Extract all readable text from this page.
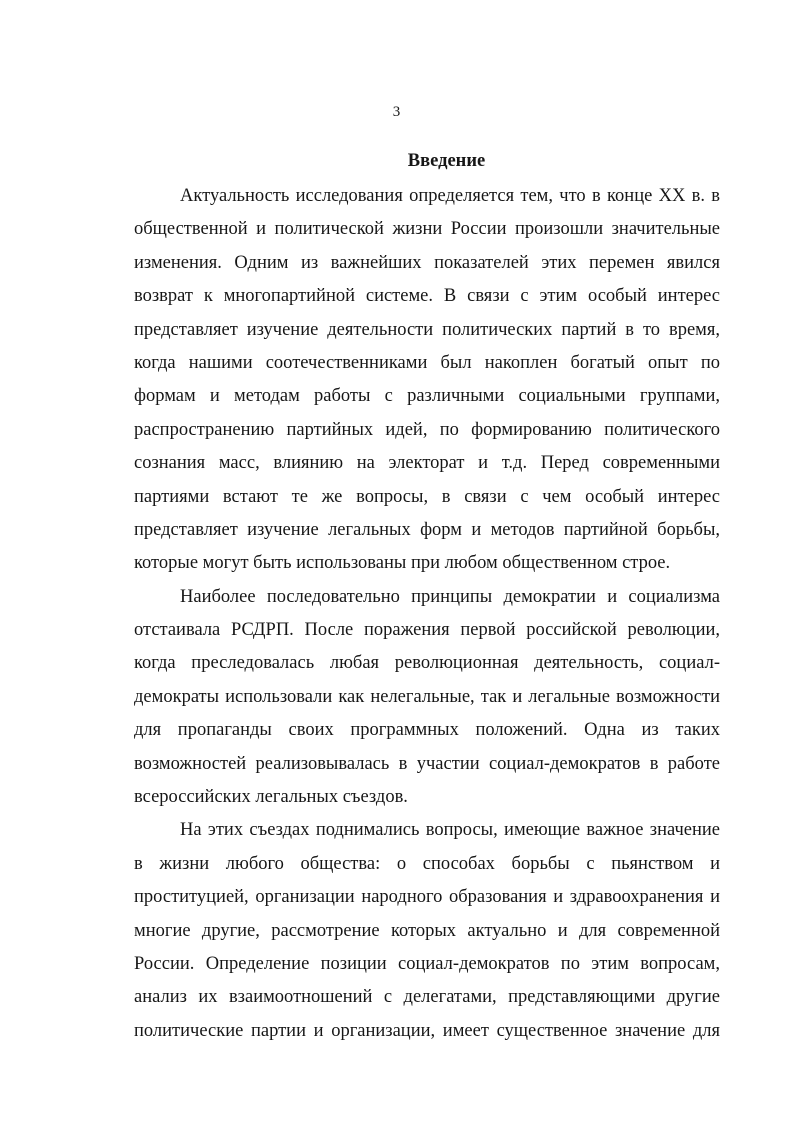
3
Введение
Актуальность исследования определяется тем, что в конце XX в. в
общественной и политической жизни России произошли значительные
изменения. Одним из важнейших показателей этих перемен явился
возврат к многопартийной системе. В связи с этим особый интерес
представляет изучение деятельности политических партий в то время,
когда нашими соотечественниками был накоплен богатый опыт по
формам и методам работы с различными социальными группами,
распространению партийных идей, по формированию политического
сознания масс, влиянию на электорат и т.д. Перед современными
партиями встают те же вопросы, в связи с чем особый интерес
представляет изучение легальных форм и методов партийной борьбы,
которые могут быть использованы при любом общественном строе.
Наиболее последовательно принципы демократии и социализма
отстаивала РСДРП. После поражения первой российской революции,
когда преследовалась любая революционная деятельность, социал-
демократы использовали как нелегальные, так и легальные возможности
для пропаганды своих программных положений. Одна из таких
возможностей реализовывалась в участии социал-демократов в работе
всероссийских легальных съездов.
На этих съездах поднимались вопросы, имеющие важное значение
в жизни любого общества: о способах борьбы с пьянством и
проституцией, организации народного образования и здравоохранения и
многие другие, рассмотрение которых актуально и для современной
России. Определение позиции социал-демократов по этим вопросам,
анализ их взаимоотношений с делегатами, представляющими другие
политические партии и организации, имеет существенное значение для
